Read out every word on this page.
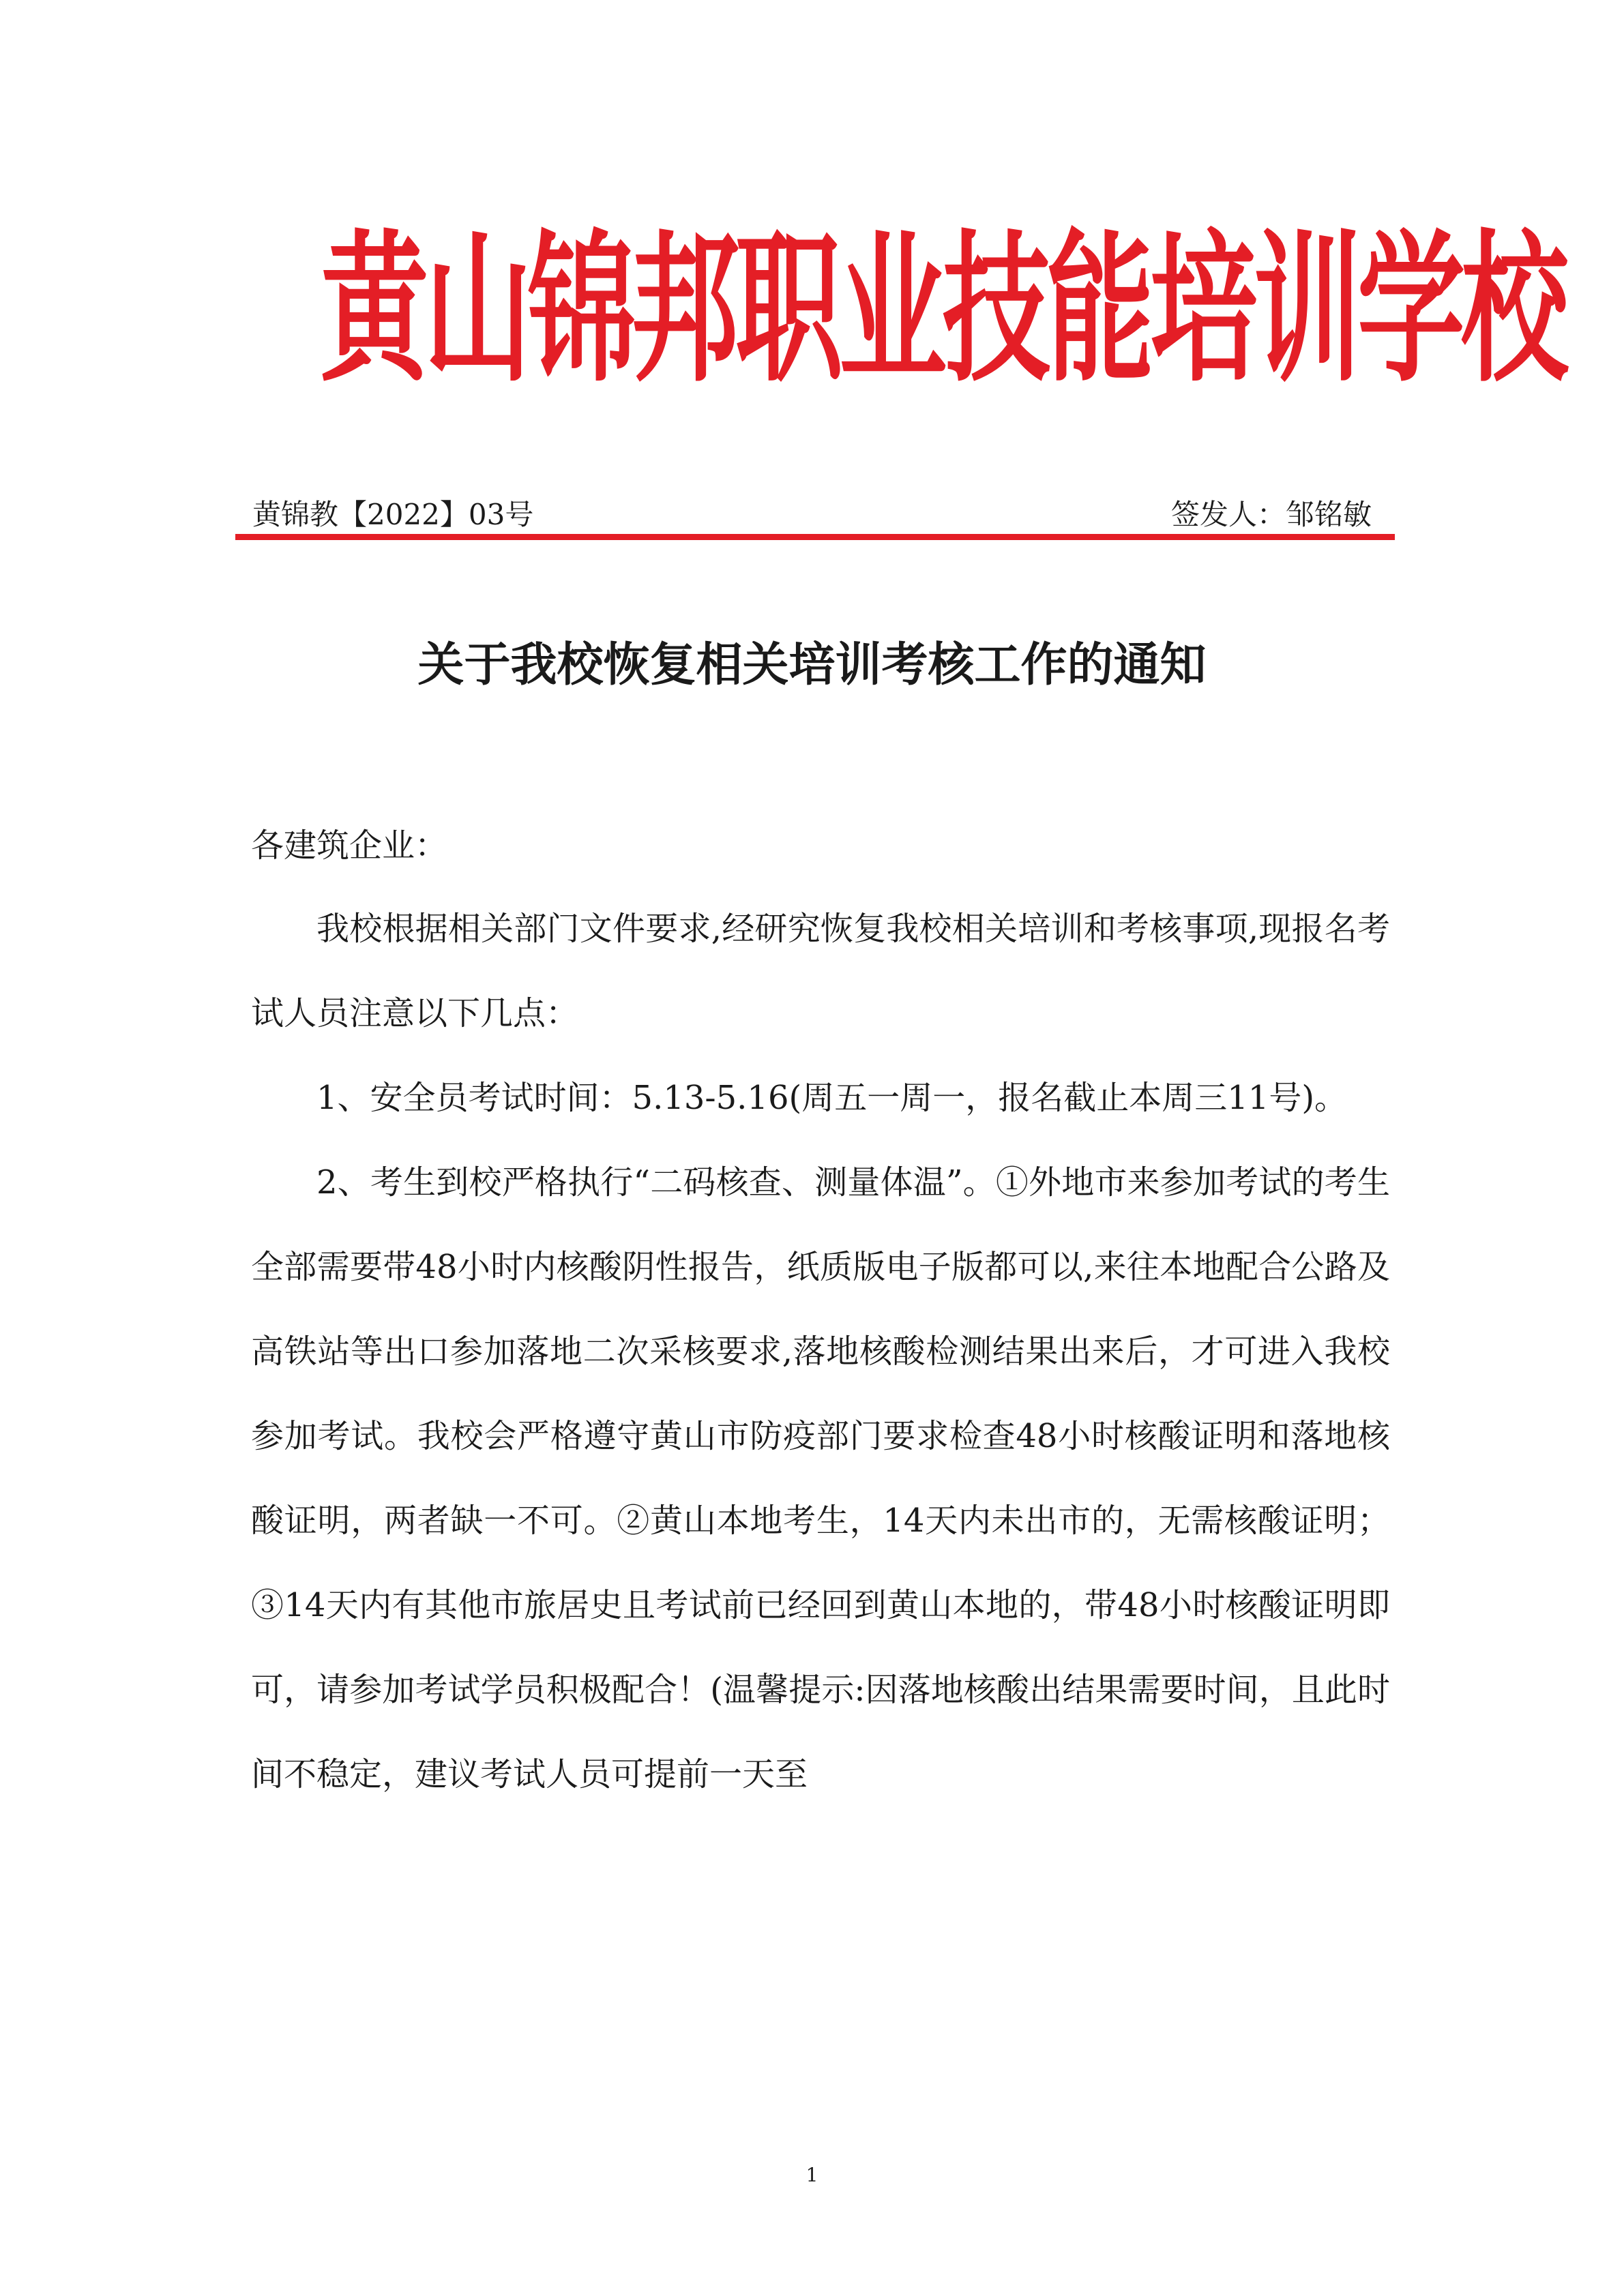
黄山锦邦职业技能培训学校
黄锦教【2022】03号	签发人：邹铭敏
关于我校恢复相关培训考核工作的通知
各建筑企业：

我校根据相关部门文件要求,经研究恢复我校相关培训和考核事项,现报名考试人员注意以下几点：

1、安全员考试时间：5.13-5.16(周五一周一，报名截止本周三11号)。

2、考生到校严格执行“二码核查、测量体温”。①外地市来参加考试的考生全部需要带48小时内核酸阴性报告，纸质版电子版都可以,来往本地配合公路及高铁站等出口参加落地二次采核要求,落地核酸检测结果出来后，才可进入我校参加考试。我校会严格遵守黄山市防疫部门要求检查48小时核酸证明和落地核酸证明，两者缺一不可。②黄山本地考生，14天内未出市的，无需核酸证明；③14天内有其他市旅居史且考试前已经回到黄山本地的，带48小时核酸证明即可，请参加考试学员积极配合！(温馨提示:因落地核酸出结果需要时间，且此时间不稳定，建议考试人员可提前一天至

1
